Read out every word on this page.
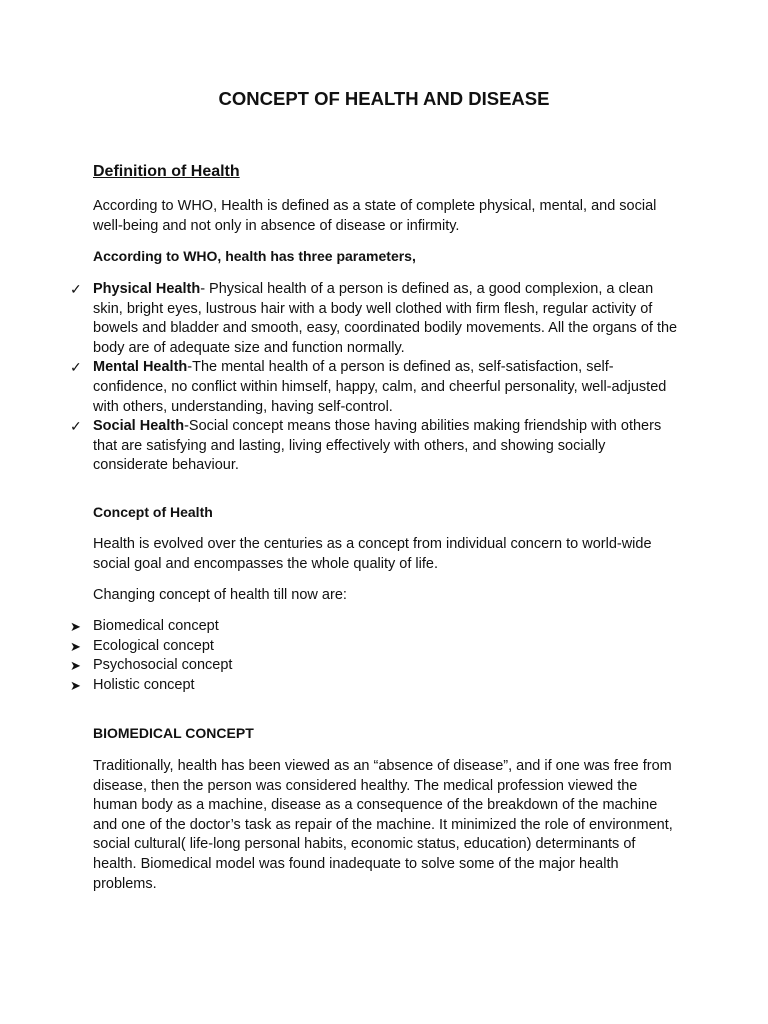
CONCEPT OF HEALTH AND DISEASE
Definition of Health
According to WHO, Health is defined as a state of complete physical, mental, and social well-being and not only in absence of disease or infirmity.
According to WHO, health has three parameters,
✓ Physical Health- Physical health of a person is defined as, a good complexion, a clean skin, bright eyes, lustrous hair with a body well clothed with firm flesh, regular activity of bowels and bladder and smooth, easy, coordinated bodily movements. All the organs of the body are of adequate size and function normally.
✓ Mental Health-The mental health of a person is defined as, self-satisfaction, self-confidence, no conflict within himself, happy, calm, and cheerful personality, well-adjusted with others, understanding, having self-control.
✓ Social Health-Social concept means those having abilities making friendship with others that are satisfying and lasting, living effectively with others, and showing socially considerate behaviour.
Concept of Health
Health is evolved over the centuries as a concept from individual concern to world-wide social goal and encompasses the whole quality of life.
Changing concept of health till now are:
➤ Biomedical concept
➤ Ecological concept
➤ Psychosocial concept
➤ Holistic concept
BIOMEDICAL CONCEPT
Traditionally, health has been viewed as an “absence of disease”, and if one was free from disease, then the person was considered healthy. The medical profession viewed the human body as a machine, disease as a consequence of the breakdown of the machine and one of the doctor’s task as repair of the machine. It minimized the role of environment, social cultural( life-long personal habits, economic status, education) determinants of health. Biomedical model was found inadequate to solve some of the major health problems.
